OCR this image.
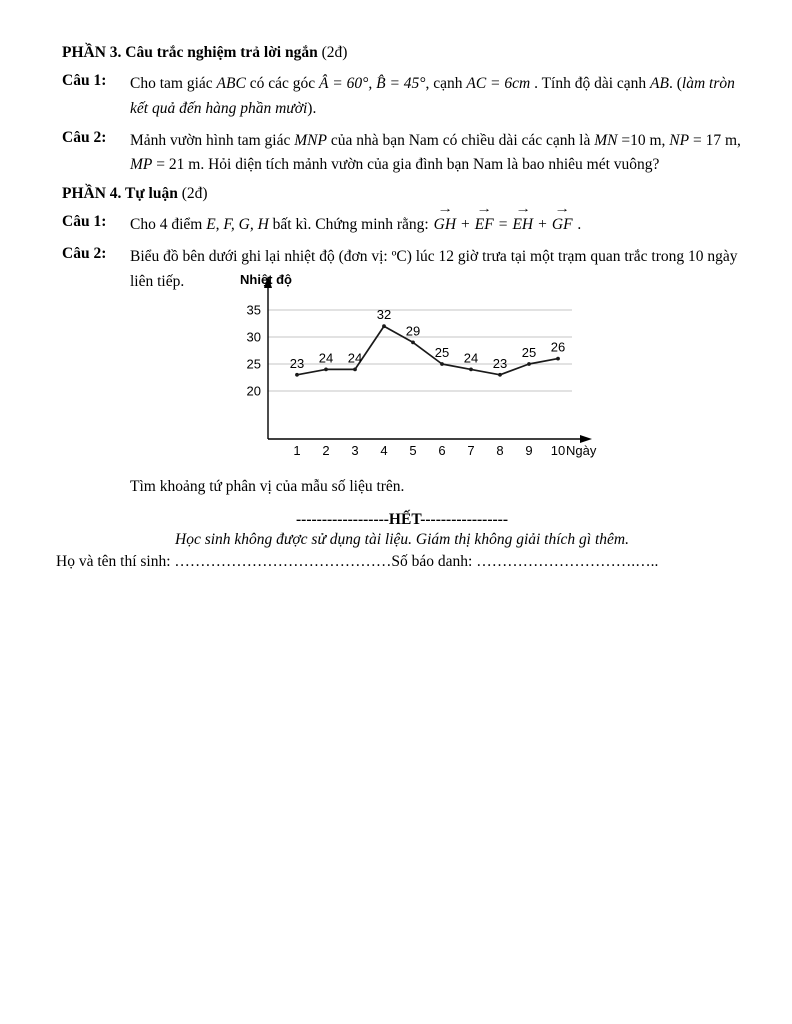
PHẦN 3. Câu trắc nghiệm trả lời ngắn (2đ)
Câu 1:	Cho tam giác ABC có các góc Â = 60°, B̂ = 45°, cạnh AC = 6cm . Tính độ dài cạnh AB. (làm tròn kết quả đến hàng phần mười).
Câu 2:	Mảnh vườn hình tam giác MNP của nhà bạn Nam có chiều dài các cạnh là MN =10 m, NP = 17 m, MP = 21 m. Hỏi diện tích mảnh vườn của gia đình bạn Nam là bao nhiêu mét vuông?
PHẦN 4. Tự luận (2đ)
Câu 1:	Cho 4 điểm E, F, G, H bất kì. Chứng minh rằng: → GH + → EF = → EH + → GF .
Câu 2:	Biểu đồ bên dưới ghi lại nhiệt độ (đơn vị: ºC) lúc 12 giờ trưa tại một trạm quan trắc trong 10 ngày liên tiếp.
20
25
30
35
Nhiệt độ
Ngày
1 2 3 4 5 6 7 8 9 10
23 24 24
32
29
25 24 23
25 26
Tìm khoảng tứ phân vị của mẫu số liệu trên.
------------------HẾT-----------------
Học sinh không được sử dụng tài liệu. Giám thị không giải thích gì thêm.
Họ và tên thí sinh: ……………………………………Số báo danh: ………………………….…..
